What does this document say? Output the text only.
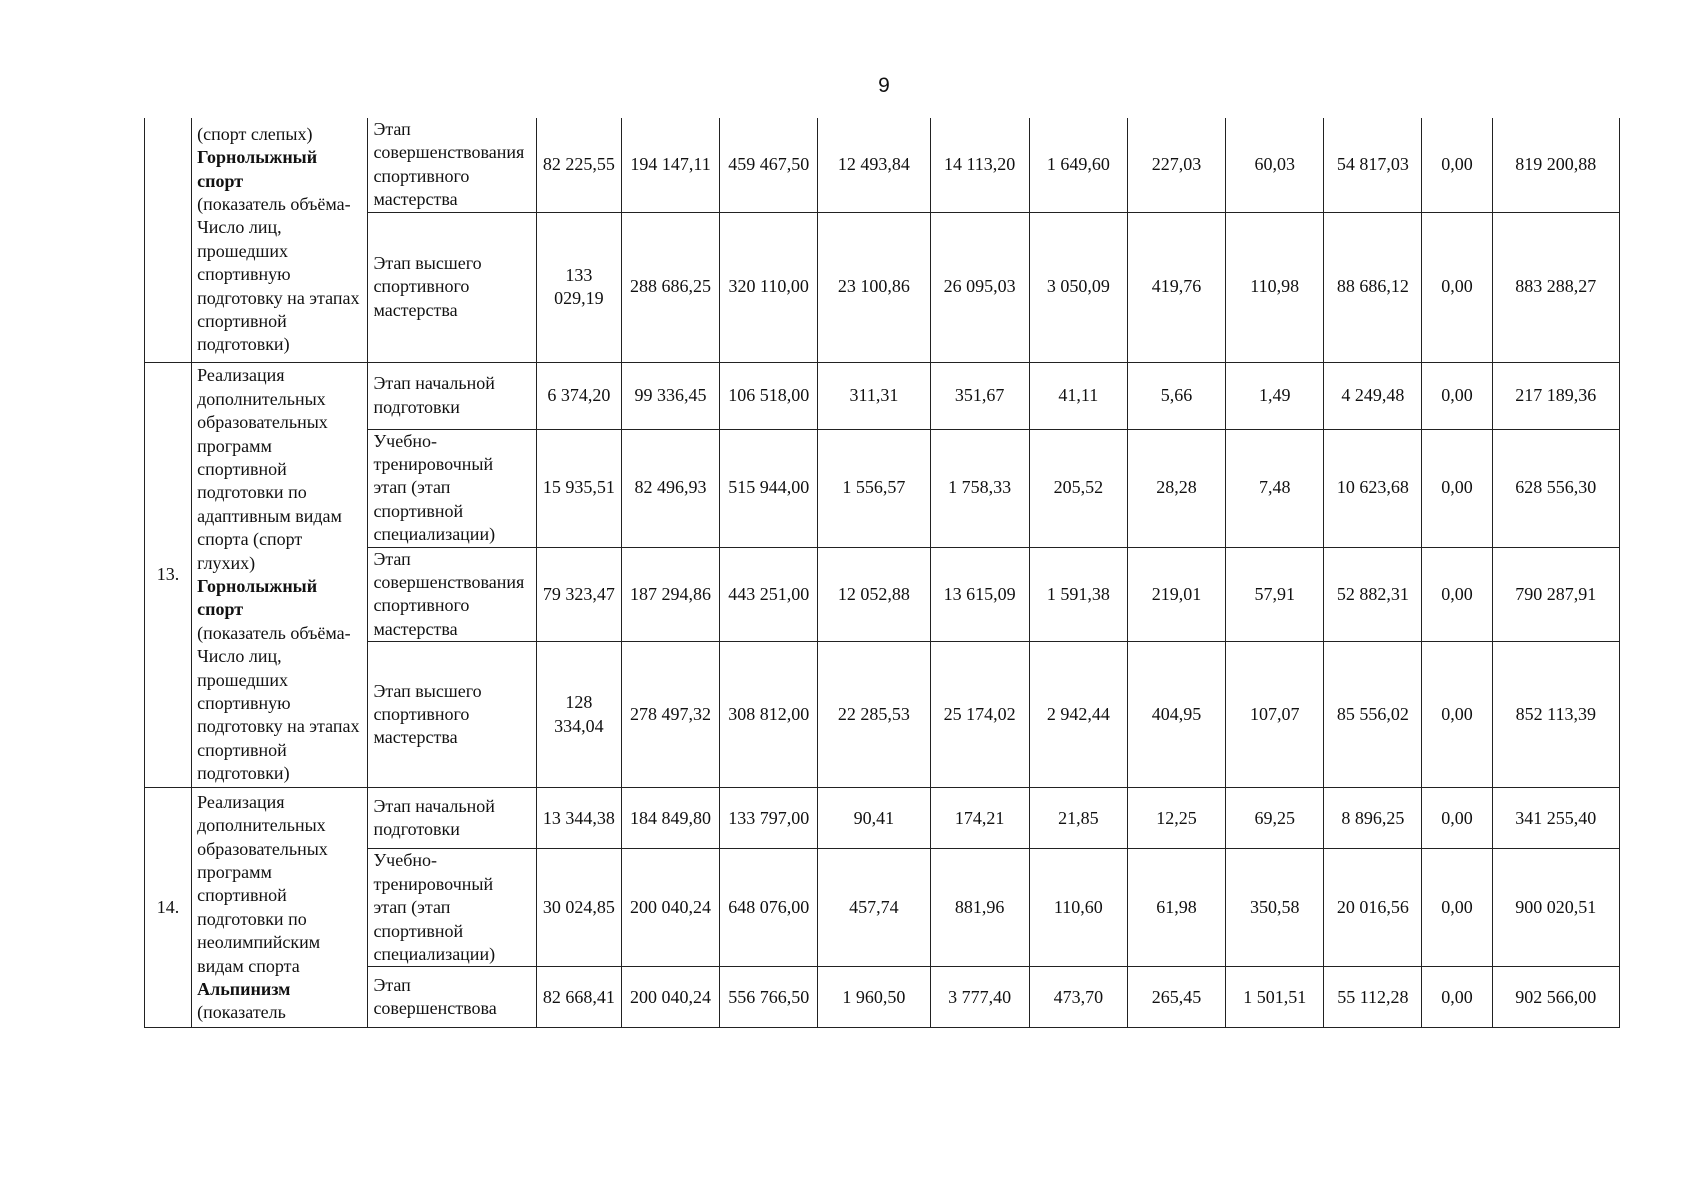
9

	(спорт слепых)
Горнолыжный спорт
(показатель объёма-Число лиц, прошедших спортивную подготовку на этапах спортивной подготовки)	Этап совершенствования спортивного мастерства	82 225,55	194 147,11	459 467,50	12 493,84	14 113,20	1 649,60	227,03	60,03	54 817,03	0,00	819 200,88
		Этап высшего спортивного мастерства	133 029,19	288 686,25	320 110,00	23 100,86	26 095,03	3 050,09	419,76	110,98	88 686,12	0,00	883 288,27
13.	Реализация дополнительных образовательных программ спортивной подготовки по адаптивным видам спорта (спорт глухих)
Горнолыжный спорт
(показатель объёма-Число лиц, прошедших спортивную подготовку на этапах спортивной подготовки)	Этап начальной подготовки	6 374,20	99 336,45	106 518,00	311,31	351,67	41,11	5,66	1,49	4 249,48	0,00	217 189,36
		Учебно-тренировочный этап (этап спортивной специализации)	15 935,51	82 496,93	515 944,00	1 556,57	1 758,33	205,52	28,28	7,48	10 623,68	0,00	628 556,30
		Этап совершенствования спортивного мастерства	79 323,47	187 294,86	443 251,00	12 052,88	13 615,09	1 591,38	219,01	57,91	52 882,31	0,00	790 287,91
		Этап высшего спортивного мастерства	128 334,04	278 497,32	308 812,00	22 285,53	25 174,02	2 942,44	404,95	107,07	85 556,02	0,00	852 113,39
14.	Реализация дополнительных образовательных программ спортивной подготовки по неолимпийским видам спорта
Альпинизм
(показатель	Этап начальной подготовки	13 344,38	184 849,80	133 797,00	90,41	174,21	21,85	12,25	69,25	8 896,25	0,00	341 255,40
		Учебно-тренировочный этап (этап спортивной специализации)	30 024,85	200 040,24	648 076,00	457,74	881,96	110,60	61,98	350,58	20 016,56	0,00	900 020,51
		Этап совершенствова	82 668,41	200 040,24	556 766,50	1 960,50	3 777,40	473,70	265,45	1 501,51	55 112,28	0,00	902 566,00
